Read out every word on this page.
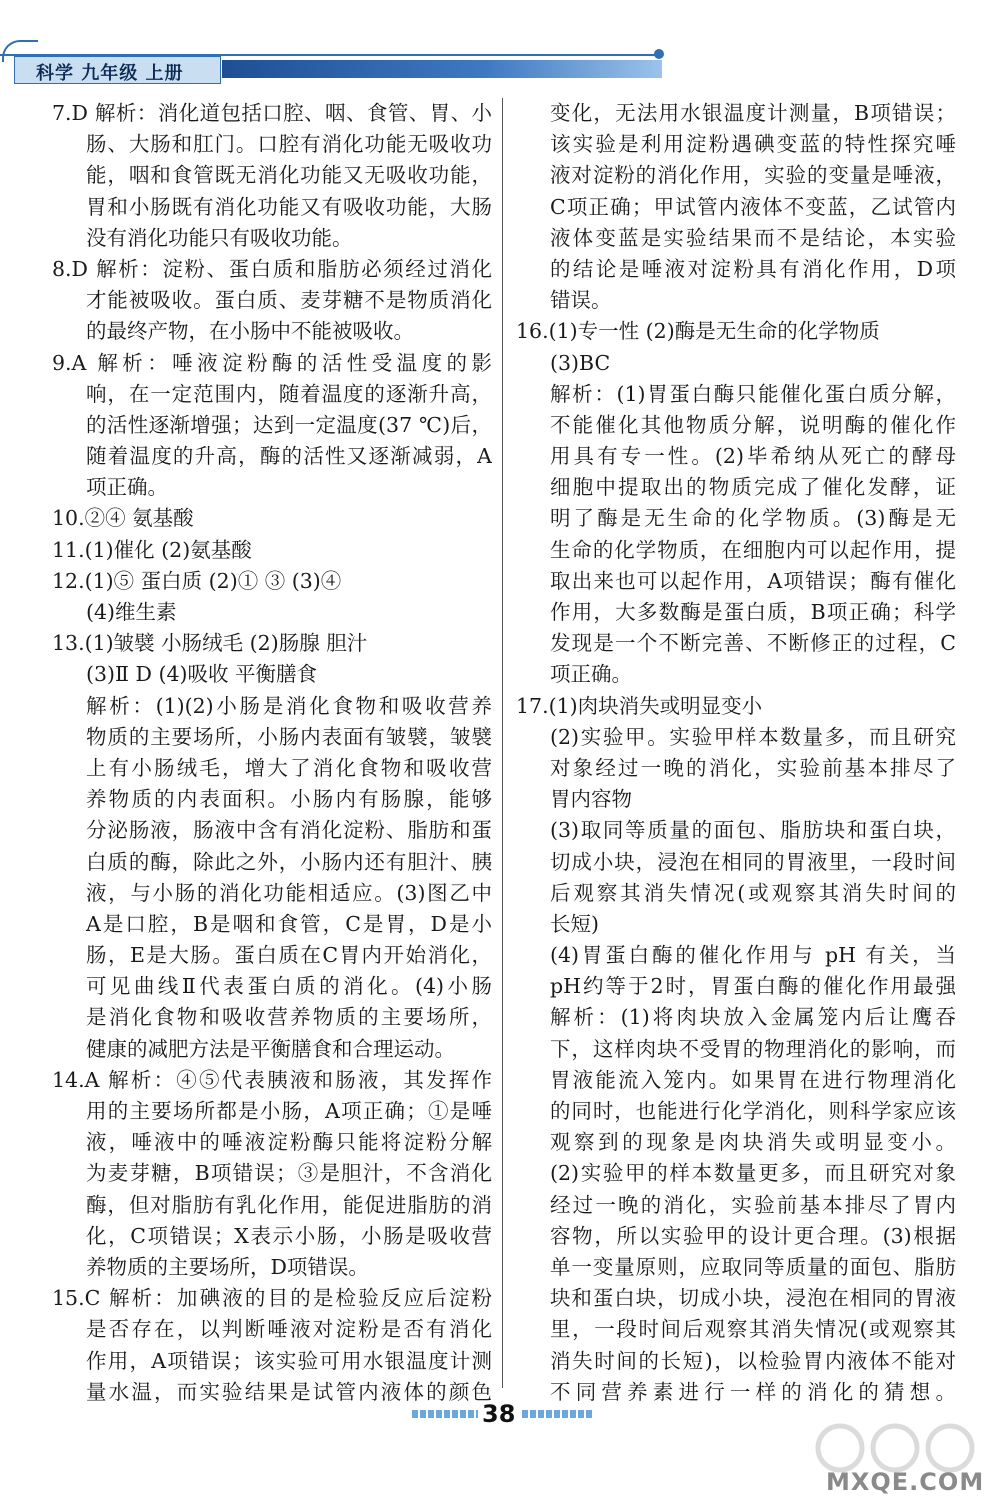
科学 九年级 上册
7.D 解析：消化道包括口腔、咽、食管、胃、小
肠、大肠和肛门。口腔有消化功能无吸收功
能，咽和食管既无消化功能又无吸收功能，
胃和小肠既有消化功能又有吸收功能，大肠
没有消化功能只有吸收功能。
8.D 解析：淀粉、蛋白质和脂肪必须经过消化
才能被吸收。蛋白质、麦芽糖不是物质消化
的最终产物，在小肠中不能被吸收。
9.A 解析：唾液淀粉酶的活性受温度的影
响，在一定范围内，随着温度的逐渐升高，
的活性逐渐增强；达到一定温度(37 ℃)后，
随着温度的升高，酶的活性又逐渐减弱，A
项正确。
10.②④ 氨基酸
11.(1)催化 (2)氨基酸
12.(1)⑤ 蛋白质 (2)① ③ (3)④
(4)维生素
13.(1)皱襞 小肠绒毛 (2)肠腺 胆汁
(3)Ⅱ D (4)吸收 平衡膳食
解析：(1)(2)小肠是消化食物和吸收营养
物质的主要场所，小肠内表面有皱襞，皱襞
上有小肠绒毛，增大了消化食物和吸收营
养物质的内表面积。小肠内有肠腺，能够
分泌肠液，肠液中含有消化淀粉、脂肪和蛋
白质的酶，除此之外，小肠内还有胆汁、胰
液，与小肠的消化功能相适应。(3)图乙中
A是口腔，B是咽和食管，C是胃，D是小
肠，E是大肠。蛋白质在C胃内开始消化，
可见曲线Ⅱ代表蛋白质的消化。(4)小肠
是消化食物和吸收营养物质的主要场所，
健康的减肥方法是平衡膳食和合理运动。
14.A 解析：④⑤代表胰液和肠液，其发挥作
用的主要场所都是小肠，A项正确；①是唾
液，唾液中的唾液淀粉酶只能将淀粉分解
为麦芽糖，B项错误；③是胆汁，不含消化
酶，但对脂肪有乳化作用，能促进脂肪的消
化，C项错误；X表示小肠，小肠是吸收营
养物质的主要场所，D项错误。
15.C 解析：加碘液的目的是检验反应后淀粉
是否存在，以判断唾液对淀粉是否有消化
作用，A项错误；该实验可用水银温度计测
量水温，而实验结果是试管内液体的颜色
变化，无法用水银温度计测量，B项错误；
该实验是利用淀粉遇碘变蓝的特性探究唾
液对淀粉的消化作用，实验的变量是唾液，
C项正确；甲试管内液体不变蓝，乙试管内
液体变蓝是实验结果而不是结论，本实验
的结论是唾液对淀粉具有消化作用，D项
错误。
16.(1)专一性 (2)酶是无生命的化学物质
(3)BC
解析：(1)胃蛋白酶只能催化蛋白质分解，
不能催化其他物质分解，说明酶的催化作
用具有专一性。(2)毕希纳从死亡的酵母
细胞中提取出的物质完成了催化发酵，证
明了酶是无生命的化学物质。(3)酶是无
生命的化学物质，在细胞内可以起作用，提
取出来也可以起作用，A项错误；酶有催化
作用，大多数酶是蛋白质，B项正确；科学
发现是一个不断完善、不断修正的过程，C
项正确。
17.(1)肉块消失或明显变小
(2)实验甲。实验甲样本数量多，而且研究
对象经过一晚的消化，实验前基本排尽了
胃内容物
(3)取同等质量的面包、脂肪块和蛋白块，
切成小块，浸泡在相同的胃液里，一段时间
后观察其消失情况(或观察其消失时间的
长短)
(4)胃蛋白酶的催化作用与 pH 有关，当
pH约等于2时，胃蛋白酶的催化作用最强
解析：(1)将肉块放入金属笼内后让鹰吞
下，这样肉块不受胃的物理消化的影响，而
胃液能流入笼内。如果胃在进行物理消化
的同时，也能进行化学消化，则科学家应该
观察到的现象是肉块消失或明显变小。
(2)实验甲的样本数量更多，而且研究对象
经过一晚的消化，实验前基本排尽了胃内
容物，所以实验甲的设计更合理。(3)根据
单一变量原则，应取同等质量的面包、脂肪
块和蛋白块，切成小块，浸泡在相同的胃液
里，一段时间后观察其消失情况(或观察其
消失时间的长短)，以检验胃内液体不能对
不同营养素进行一样的消化的猜想。
38
MXQE.COM
